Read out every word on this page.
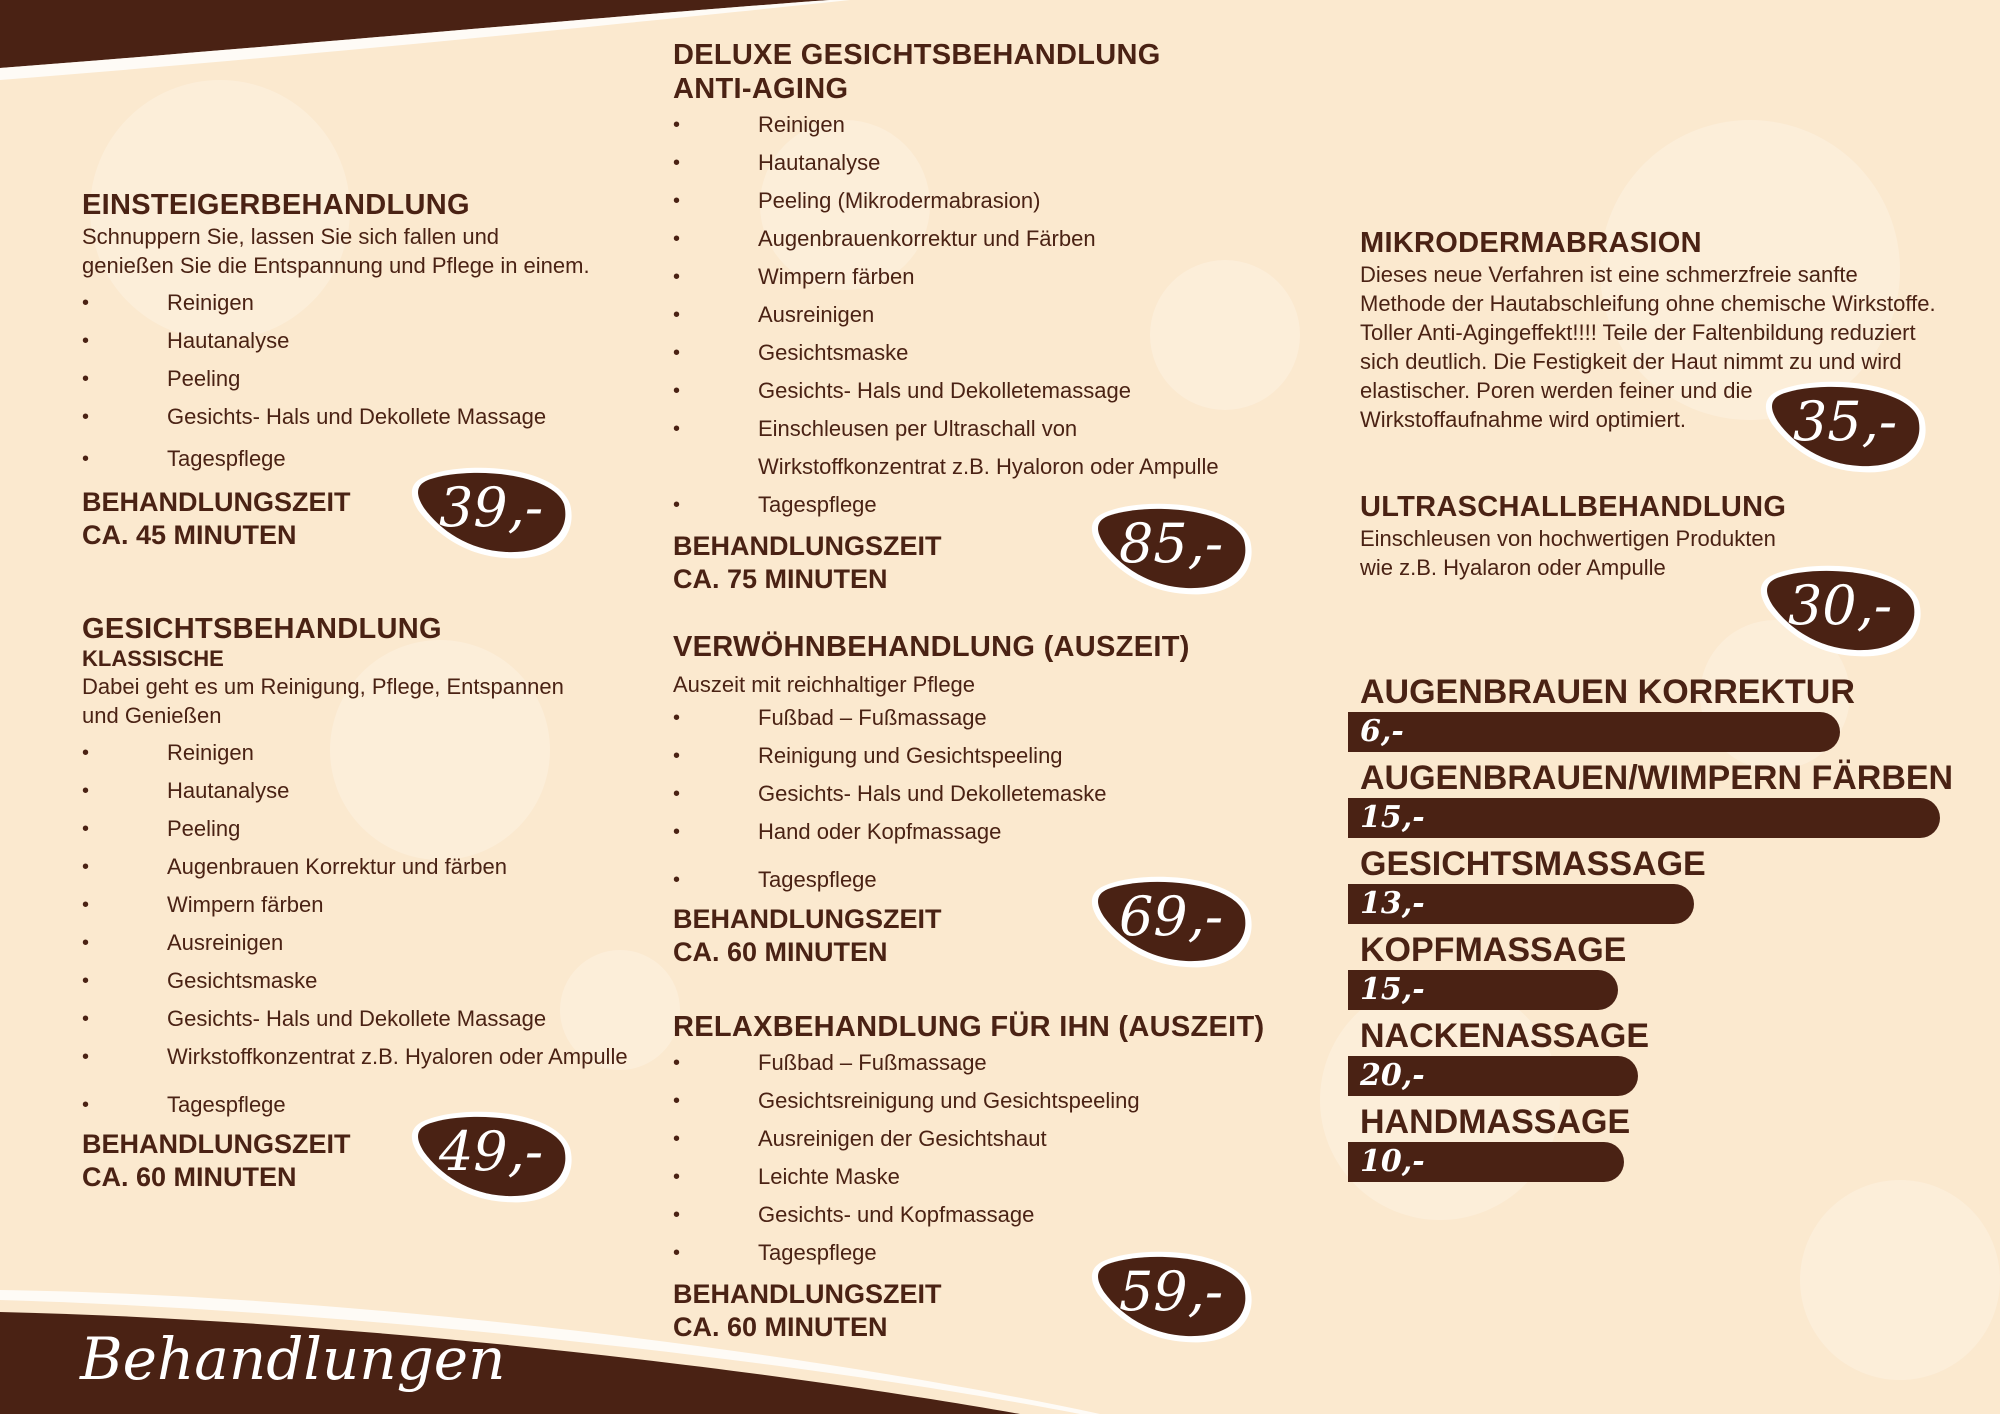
EINSTEIGERBEHANDLUNG
Schnuppern Sie, lassen Sie sich fallen und
genießen Sie die Entspannung und Pflege in einem.
• Reinigen
• Hautanalyse
• Peeling
• Gesichts- Hals und Dekollete Massage
• Tagespflege
BEHANDLUNGSZEIT
CA. 45 MINUTEN	39,-
GESICHTSBEHANDLUNG
KLASSISCHE
Dabei geht es um Reinigung, Pflege, Entspannen
und Genießen
• Reinigen
• Hautanalyse
• Peeling
• Augenbrauen Korrektur und färben
• Wimpern färben
• Ausreinigen
• Gesichtsmaske
• Gesichts- Hals und Dekollete Massage
• Wirkstoffkonzentrat z.B. Hyaloren oder Ampulle
• Tagespflege
BEHANDLUNGSZEIT
CA. 60 MINUTEN	49,-
DELUXE GESICHTSBEHANDLUNG
ANTI-AGING
• Reinigen
• Hautanalyse
• Peeling (Mikrodermabrasion)
• Augenbrauenkorrektur und Färben
• Wimpern färben
• Ausreinigen
• Gesichtsmaske
• Gesichts- Hals und Dekolletemassage
• Einschleusen per Ultraschall von
Wirkstoffkonzentrat z.B. Hyaloron oder Ampulle
• Tagespflege
BEHANDLUNGSZEIT
CA. 75 MINUTEN
85,-
VERWÖHNBEHANDLUNG (AUSZEIT)
Auszeit mit reichhaltiger Pflege
• Fußbad – Fußmassage
• Reinigung und Gesichtspeeling
• Gesichts- Hals und Dekolletemaske
• Hand oder Kopfmassage
• Tagespflege
BEHANDLUNGSZEIT
CA. 60 MINUTEN
69,-
RELAXBEHANDLUNG FÜR IHN (AUSZEIT)
• Fußbad – Fußmassage
• Gesichtsreinigung und Gesichtspeeling
• Ausreinigen der Gesichtshaut
• Leichte Maske
• Gesichts- und Kopfmassage
• Tagespflege
BEHANDLUNGSZEIT
CA. 60 MINUTEN
59,-
MIKRODERMABRASION
Dieses neue Verfahren ist eine schmerzfreie sanfte
Methode der Hautabschleifung ohne chemische Wirkstoffe.
Toller Anti-Agingeffekt!!!! Teile der Faltenbildung reduziert
sich deutlich. Die Festigkeit der Haut nimmt zu und wird
elastischer. Poren werden feiner und die
Wirkstoffaufnahme wird optimiert.	35,-
ULTRASCHALLBEHANDLUNG
Einschleusen von hochwertigen Produkten
wie z.B. Hyalaron oder Ampulle
30,-
AUGENBRAUEN KORREKTUR
6,-
AUGENBRAUEN/WIMPERN FÄRBEN
15,-
GESICHTSMASSAGE
13,-
KOPFMASSAGE
15,-
NACKENASSAGE
20,-
HANDMASSAGE
10,-
Behandlungen
